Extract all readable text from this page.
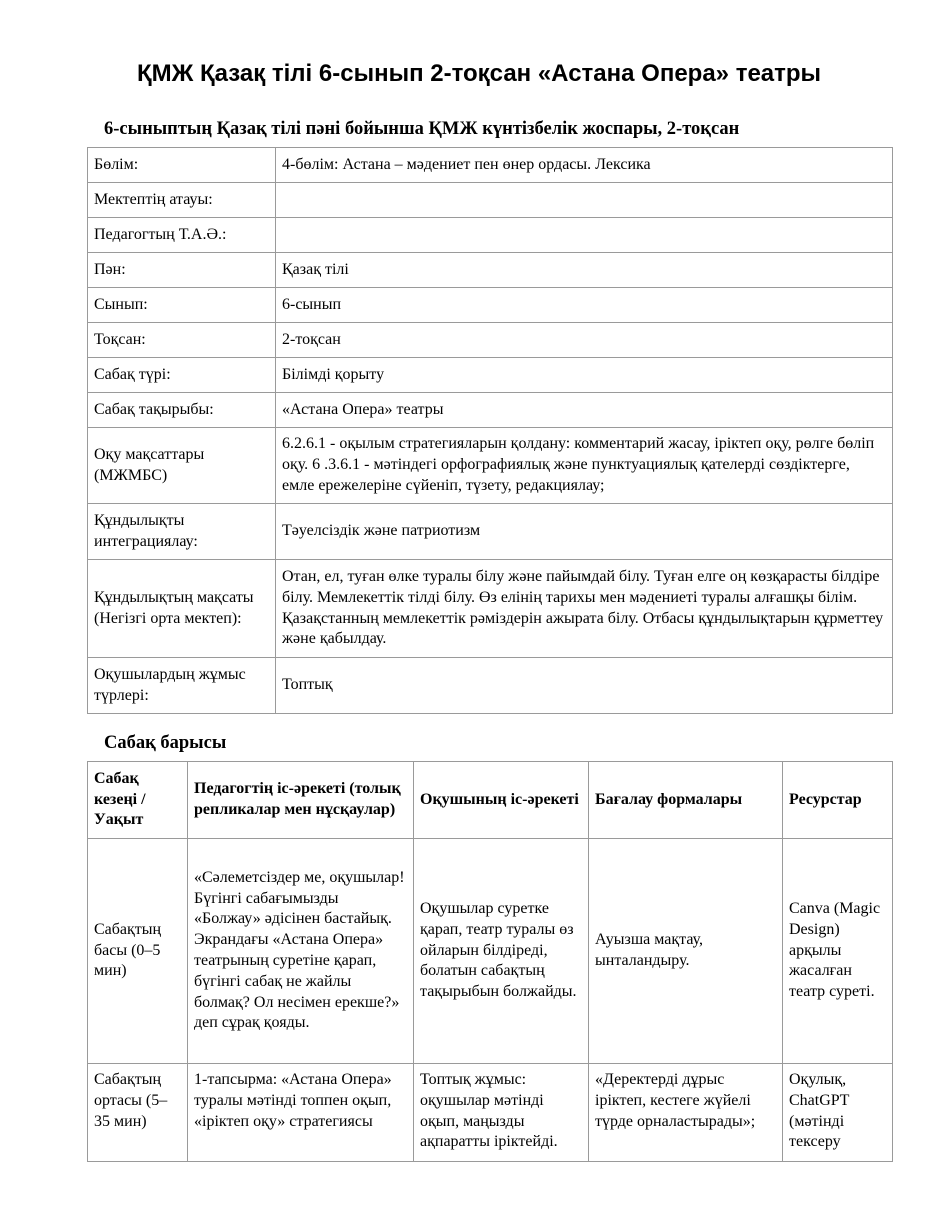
ҚМЖ Қазақ тілі 6-сынып 2-тоқсан «Астана Опера» театры
6-сыныптың Қазақ тілі пәні бойынша ҚМЖ күнтізбелік жоспары, 2-тоқсан
Бөлім:	4-бөлім: Астана – мәдениет пен өнер ордасы. Лексика
Мектептің атауы:	
Педагогтың Т.А.Ә.:	
Пән:	Қазақ тілі
Сынып:	6-сынып
Тоқсан:	2-тоқсан
Сабақ түрі:	Білімді қорыту
Сабақ тақырыбы:	«Астана Опера» театры
Оқу мақсаттары (МЖМБС)	6.2.6.1 - оқылым стратегияларын қолдану: комментарий жасау, іріктеп оқу, рөлге бөліп оқу. 6 .3.6.1 - мәтіндегі орфографиялық және пунктуациялық қателерді сөздіктерге, емле ережелеріне сүйеніп, түзету, редакциялау;
Құндылықты интеграциялау:	Тәуелсіздік және патриотизм
Құндылықтың мақсаты (Негізгі орта мектеп):	Отан, ел, туған өлке туралы білу және пайымдай білу. Туған елге оң көзқарасты білдіре білу. Мемлекеттік тілді білу. Өз елінің тарихы мен мәдениеті туралы алғашқы білім. Қазақстанның мемлекеттік рәміздерін ажырата білу. Отбасы құндылықтарын құрметтеу және қабылдау.
Оқушылардың жұмыс түрлері:	Топтық
Сабақ барысы
Сабақ кезеңі / Уақыт	Педагогтің іс-әрекеті (толық репликалар мен нұсқаулар)	Оқушының іс-әрекеті	Бағалау формалары	Ресурстар
Сабақтың басы (0–5 мин)	«Сәлеметсіздер ме, оқушылар! Бүгінгі сабағымызды «Болжау» әдісінен бастайық. Экрандағы «Астана Опера» театрының суретіне қарап, бүгінгі сабақ не жайлы болмақ? Ол несімен ерекше?» деп сұрақ қояды.	Оқушылар суретке қарап, театр туралы өз ойларын білдіреді, болатын сабақтың тақырыбын болжайды.	Ауызша мақтау, ынталандыру.	Canva (Magic Design) арқылы жасалған театр суреті.
Сабақтың ортасы (5–35 мин)	1-тапсырма: «Астана Опера» туралы мәтінді топпен оқып, «іріктеп оқу» стратегиясы	Топтық жұмыс: оқушылар мәтінді оқып, маңызды ақпаратты іріктейді.	«Деректерді дұрыс іріктеп, кестеге жүйелі түрде орналастырады»;	Оқулық, ChatGPT (мәтінді тексеру
